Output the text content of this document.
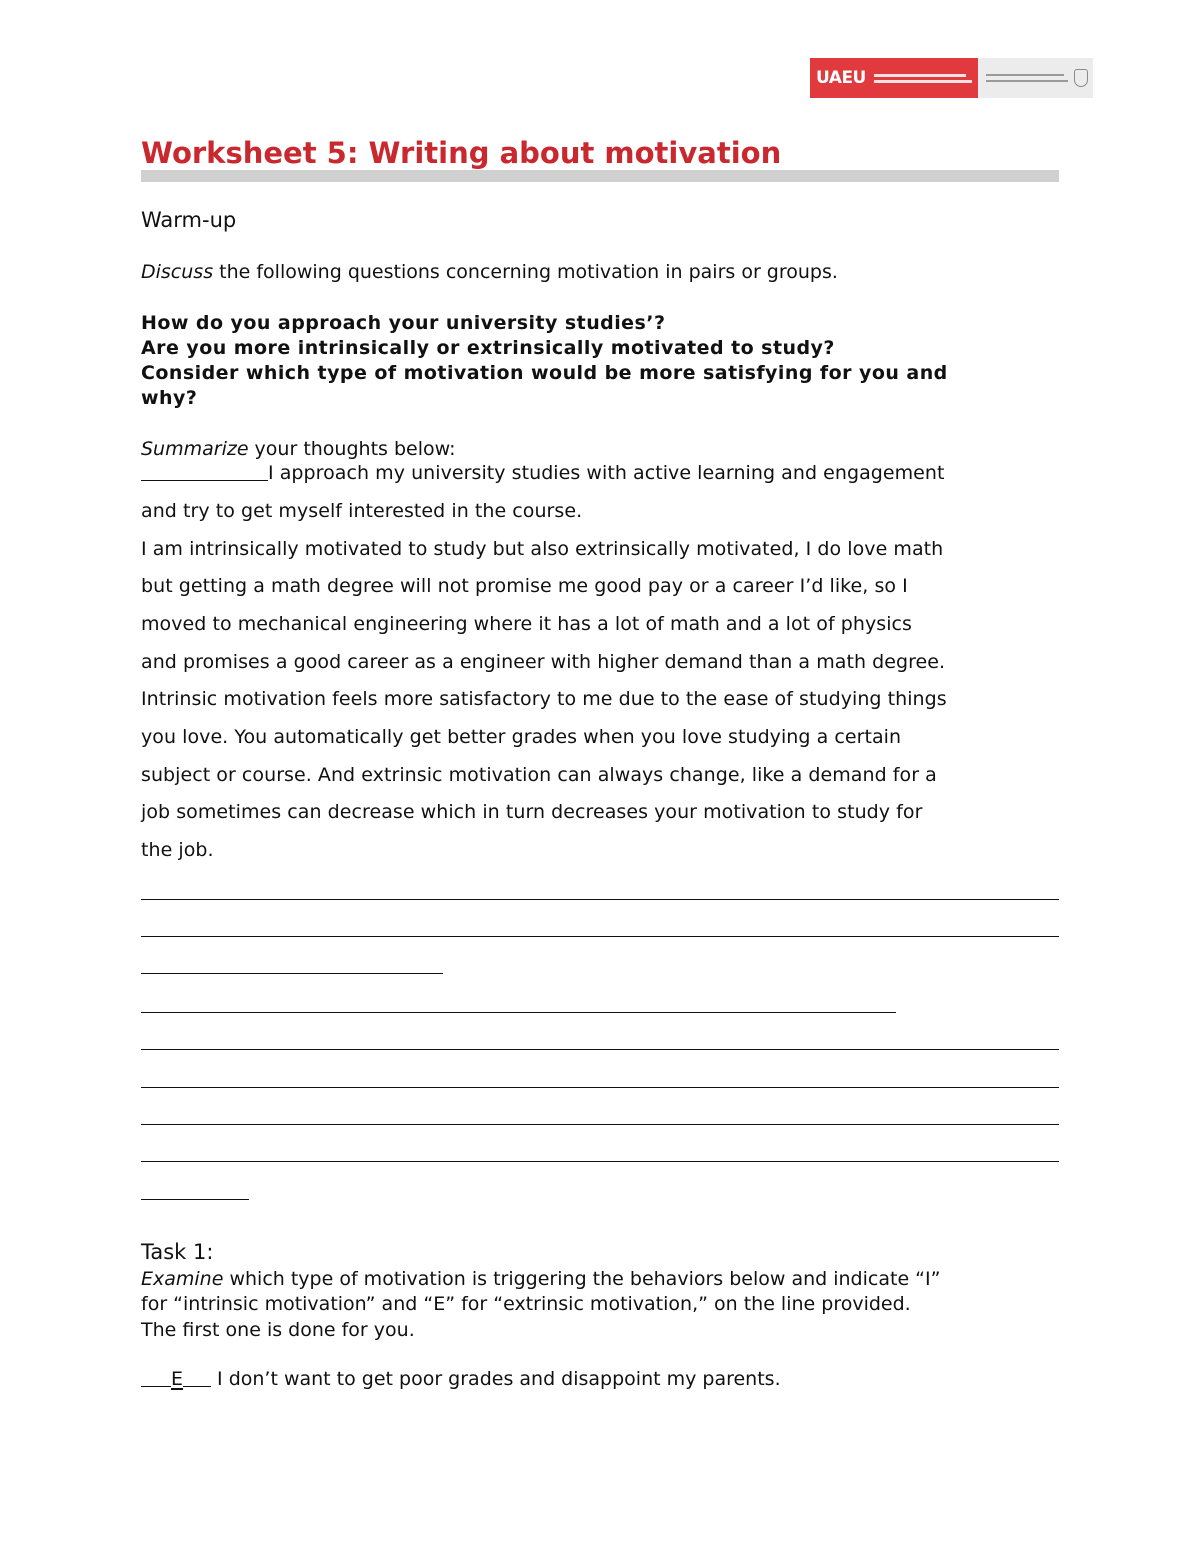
UAEU
Worksheet 5: Writing about motivation

Warm-up

Discuss the following questions concerning motivation in pairs or groups.

How do you approach your university studies’?

Are you more intrinsically or extrinsically motivated to study?

Consider which type of motivation would be more satisfying for you and

why?

Summarize your thoughts below:

I approach my university studies with active learning and engagement

and try to get myself interested in the course.

I am intrinsically motivated to study but also extrinsically motivated, I do love math

but getting a math degree will not promise me good pay or a career I’d like, so I

moved to mechanical engineering where it has a lot of math and a lot of physics

and promises a good career as a engineer with higher demand than a math degree.

Intrinsic motivation feels more satisfactory to me due to the ease of studying things

you love. You automatically get better grades when you love studying a certain

subject or course. And extrinsic motivation can always change, like a demand for a

job sometimes can decrease which in turn decreases your motivation to study for

the job.

Task 1:

Examine which type of motivation is triggering the behaviors below and indicate “I”

for “intrinsic motivation” and “E” for “extrinsic motivation,” on the line provided.

The first one is done for you.

E I don’t want to get poor grades and disappoint my parents.
